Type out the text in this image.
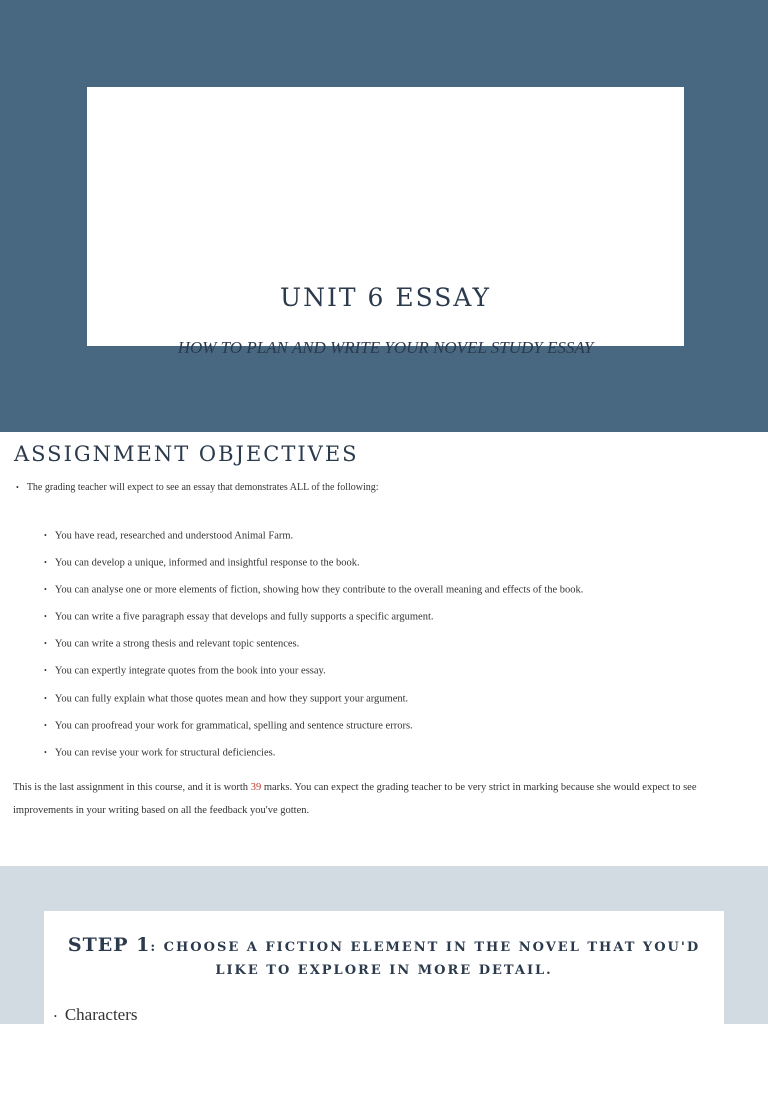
UNIT 6 ESSAY

HOW TO PLAN AND WRITE YOUR NOVEL STUDY ESSAY

ASSIGNMENT OBJECTIVES

• The grading teacher will expect to see an essay that demonstrates ALL of the following:

• You have read, researched and understood Animal Farm.
• You can develop a unique, informed and insightful response to the book.
• You can analyse one or more elements of fiction, showing how they contribute to the overall meaning and effects of the book.
• You can write a five paragraph essay that develops and fully supports a specific argument.
• You can write a strong thesis and relevant topic sentences.
• You can expertly integrate quotes from the book into your essay.
• You can fully explain what those quotes mean and how they support your argument.
• You can proofread your work for grammatical, spelling and sentence structure errors.
• You can revise your work for structural deficiencies.

This is the last assignment in this course, and it is worth 39 marks. You can expect the grading teacher to be very strict in marking because she would expect to see improvements in your writing based on all the feedback you've gotten.

STEP 1: CHOOSE A FICTION ELEMENT IN THE NOVEL THAT YOU'D LIKE TO EXPLORE IN MORE DETAIL.
• Characters
